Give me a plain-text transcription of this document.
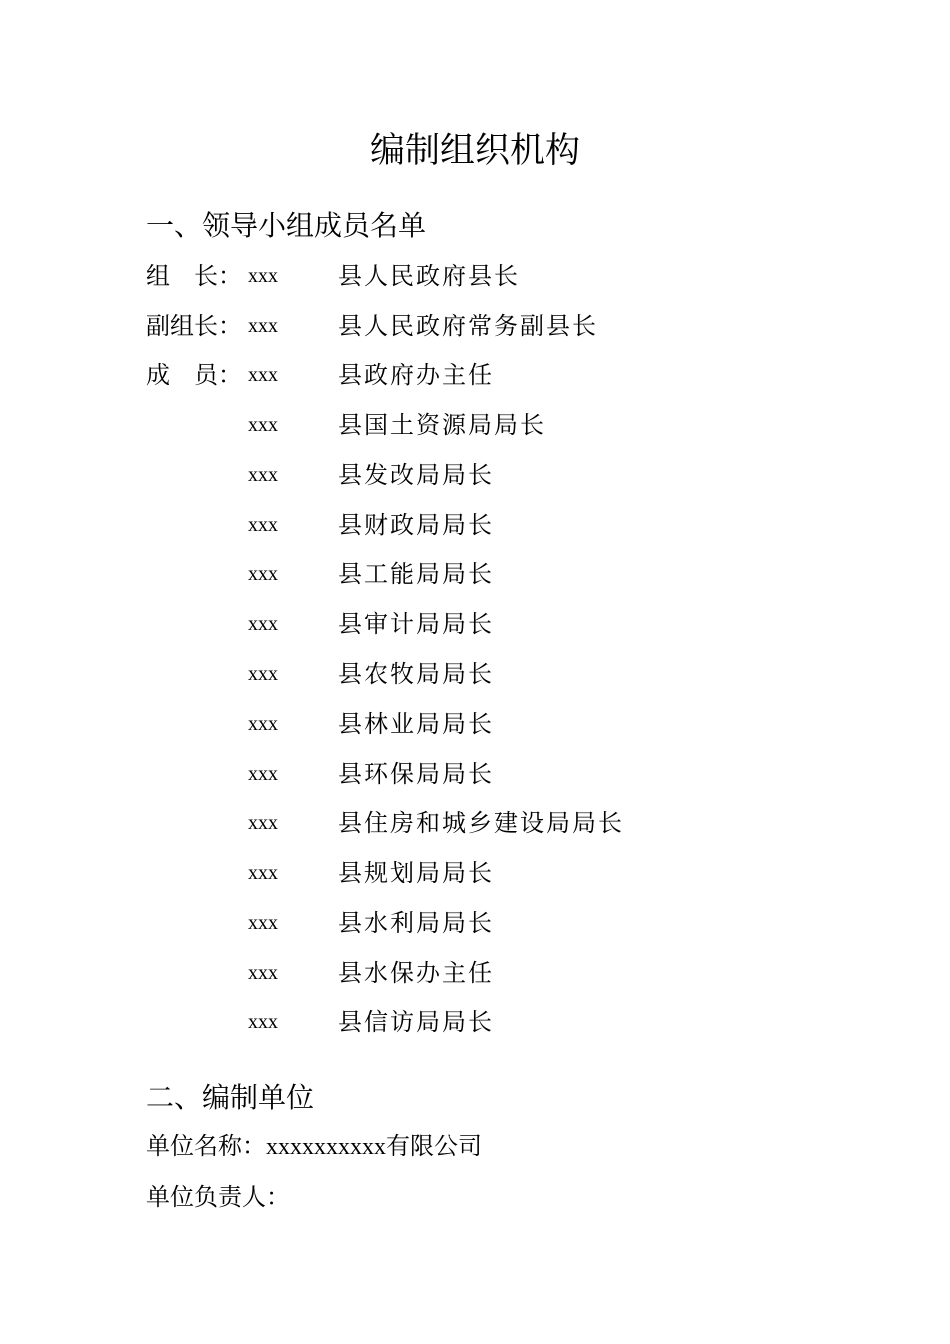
编制组织机构
一、领导小组成员名单
组　长： xxx	县人民政府县长
副组长： xxx	县人民政府常务副县长
成　员： xxx	县政府办主任
xxx	县国土资源局局长
xxx	县发改局局长
xxx	县财政局局长
xxx	县工能局局长
xxx	县审计局局长
xxx	县农牧局局长
xxx	县林业局局长
xxx	县环保局局长
xxx	县住房和城乡建设局局长
xxx	县规划局局长
xxx	县水利局局长
xxx	县水保办主任
xxx	县信访局局长
二、编制单位
单位名称：xxxxxxxxxx有限公司
单位负责人：
